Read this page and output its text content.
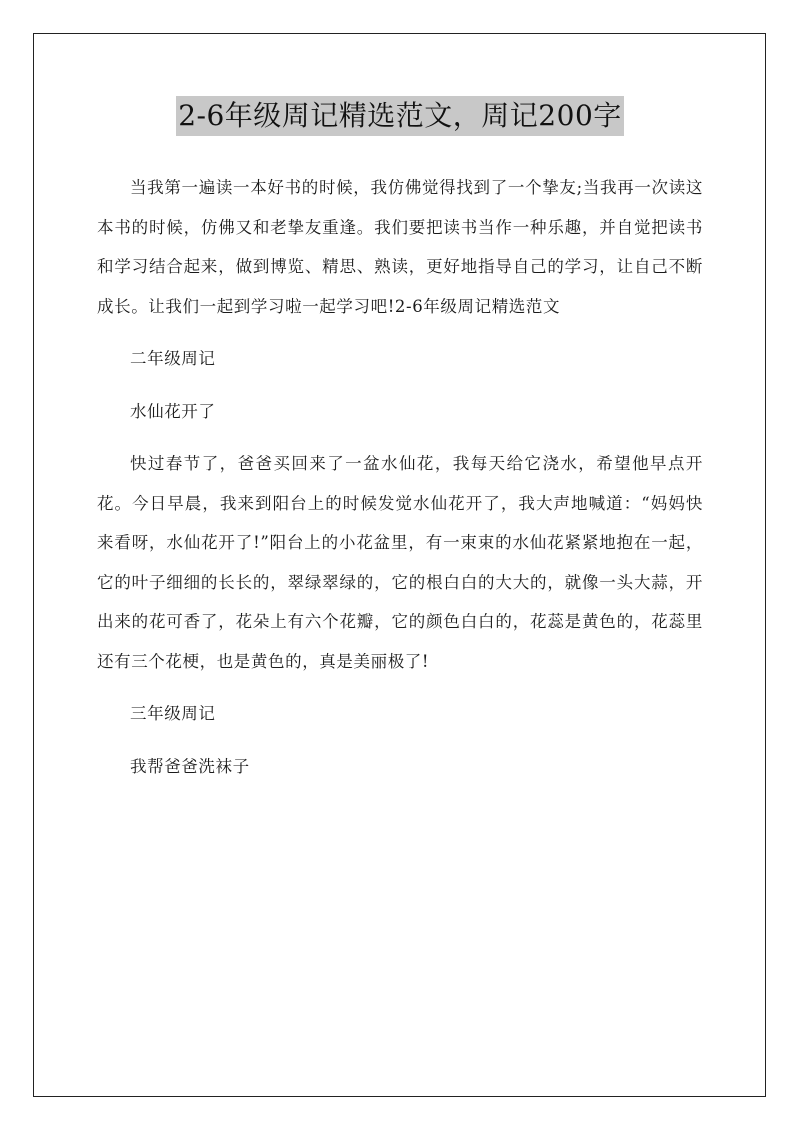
2-6年级周记精选范文，周记200字

当我第一遍读一本好书的时候，我仿佛觉得找到了一个挚友;当我再一次读这本书的时候，仿佛又和老挚友重逢。我们要把读书当作一种乐趣，并自觉把读书和学习结合起来，做到博览、精思、熟读，更好地指导自己的学习，让自己不断成长。让我们一起到学习啦一起学习吧!2-6年级周记精选范文

二年级周记

水仙花开了

快过春节了，爸爸买回来了一盆水仙花，我每天给它浇水，希望他早点开花。今日早晨，我来到阳台上的时候发觉水仙花开了，我大声地喊道：“妈妈快来看呀，水仙花开了!”阳台上的小花盆里，有一束束的水仙花紧紧地抱在一起，它的叶子细细的长长的，翠绿翠绿的，它的根白白的大大的，就像一头大蒜，开出来的花可香了，花朵上有六个花瓣，它的颜色白白的，花蕊是黄色的，花蕊里还有三个花梗，也是黄色的，真是美丽极了!

三年级周记

我帮爸爸洗袜子
